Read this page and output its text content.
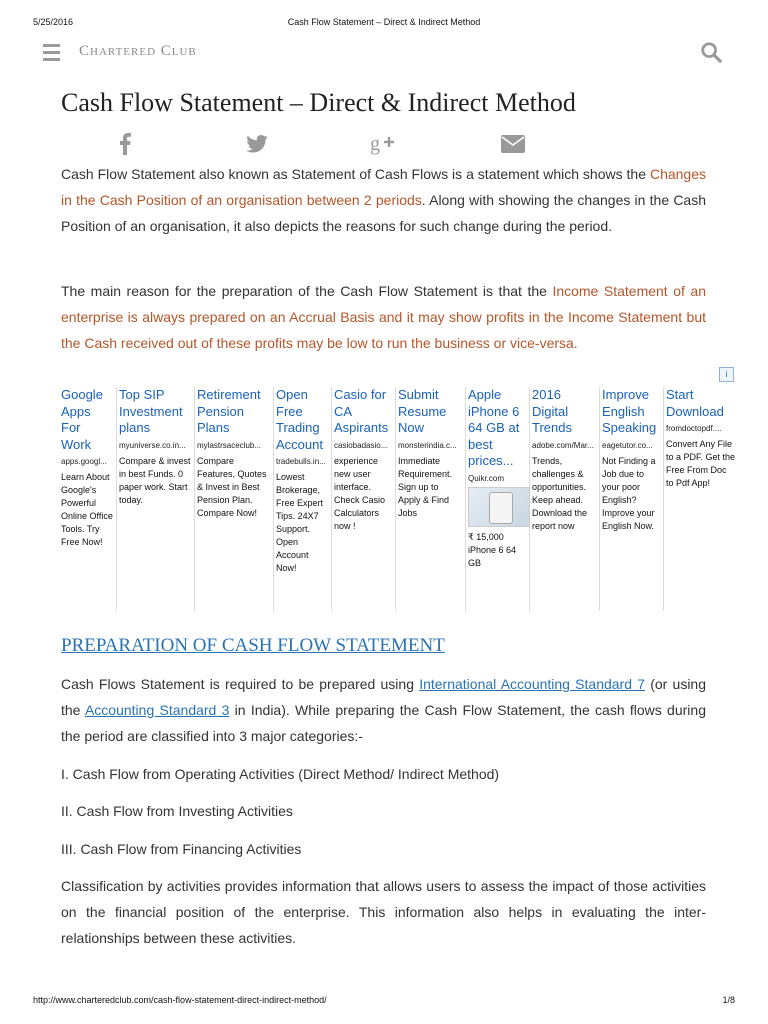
5/25/2016	Cash Flow Statement – Direct & Indirect Method
Chartered Club
Cash Flow Statement – Direct & Indirect Method
g

Cash Flow Statement also known as Statement of Cash Flows is a statement which shows the Changes in the Cash Position of an organisation between 2 periods. Along with showing the changes in the Cash Position of an organisation, it also depicts the reasons for such change during the period.

The main reason for the preparation of the Cash Flow Statement is that the Income Statement of an enterprise is always prepared on an Accrual Basis and it may show profits in the Income Statement but the Cash received out of these profits may be low to run the business or vice-versa.

i
Google Apps For Work
apps.googl...
Learn About Google's Powerful Online Office Tools. Try Free Now!
Top SIP Investment plans
myuniverse.co.in...
Compare & invest in best Funds. 0 paper work. Start today.
Retirement Pension Plans
mylastrsaceclub...
Compare Features, Quotes & Invest in Best Pension Plan. Compare Now!
Open Free Trading Account
tradebulls.in...
Lowest Brokerage, Free Expert Tips. 24X7 Support. Open Account Now!
Casio for CA Aspirants
casiobadasio...
experience new user interface. Check Casio Calculators now !
Submit Resume Now
monsterindia.c...
Immediate Requirement. Sign up to Apply & Find Jobs
Apple iPhone 6 64 GB at best prices...
Quikr.com
₹ 15,000
iPhone 6 64 GB
2016 Digital Trends
adobe.com/Mar...
Trends, challenges & opportunities. Keep ahead. Download the report now
Improve English Speaking
eagetutor.co...
Not Finding a Job due to your poor English? Improve your English Now.
Start Download
fromdoctopdf....
Convert Any File to a PDF. Get the Free From Doc to Pdf App!
PREPARATION OF CASH FLOW STATEMENT

Cash Flows Statement is required to be prepared using International Accounting Standard 7 (or using the Accounting Standard 3 in India). While preparing the Cash Flow Statement, the cash flows during the period are classified into 3 major categories:-

I. Cash Flow from Operating Activities (Direct Method/ Indirect Method)
II. Cash Flow from Investing Activities
III. Cash Flow from Financing Activities

Classification by activities provides information that allows users to assess the impact of those activities on the financial position of the enterprise. This information also helps in evaluating the inter-relationships between these activities.

http://www.charteredclub.com/cash-flow-statement-direct-indirect-method/	1/8
